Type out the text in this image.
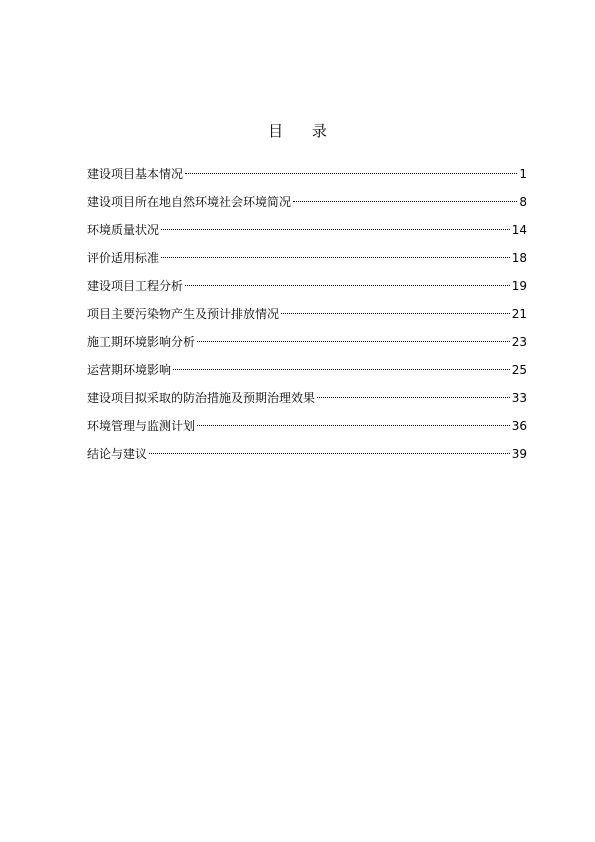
目 录
建设项目基本情况	1
建设项目所在地自然环境社会环境简况	8
环境质量状况	14
评价适用标准	18
建设项目工程分析	19
项目主要污染物产生及预计排放情况	21
施工期环境影响分析	23
运营期环境影响	25
建设项目拟采取的防治措施及预期治理效果	33
环境管理与监测计划	36
结论与建议	39
